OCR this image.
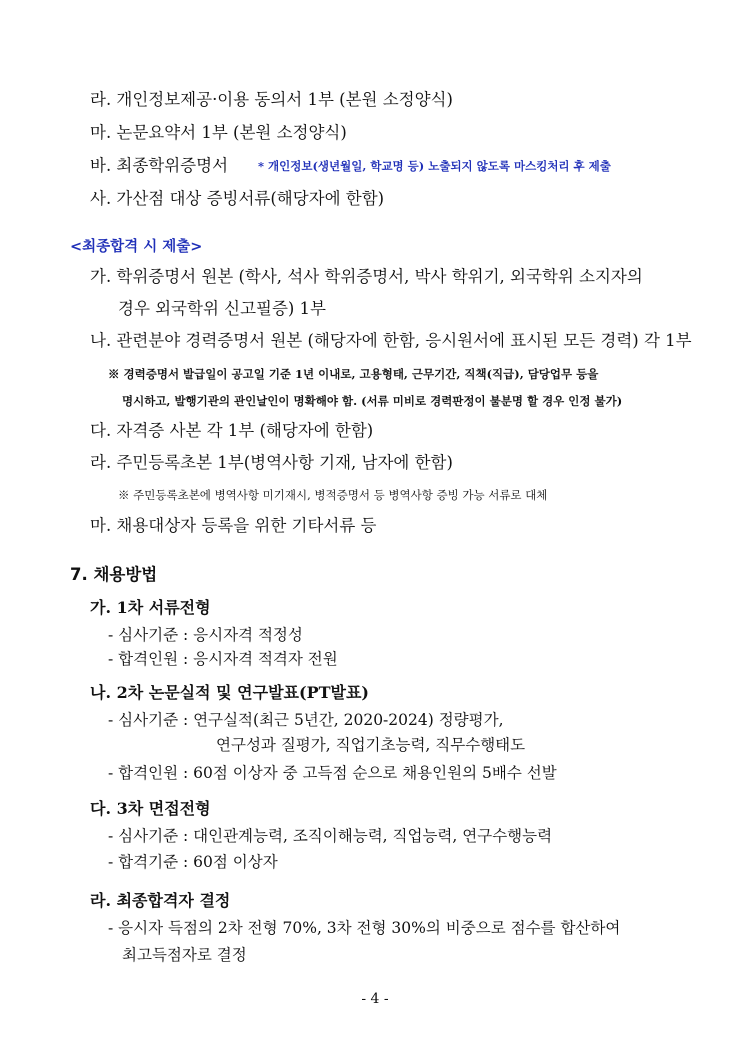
라. 개인정보제공·이용 동의서 1부 (본원 소정양식)
마. 논문요약서 1부 (본원 소정양식)
바. 최종학위증명서	* 개인정보(생년월일, 학교명 등) 노출되지 않도록 마스킹처리 후 제출
사. 가산점 대상 증빙서류(해당자에 한함)
<최종합격 시 제출>
가. 학위증명서 원본 (학사, 석사 학위증명서, 박사 학위기, 외국학위 소지자의
경우 외국학위 신고필증) 1부
나. 관련분야 경력증명서 원본 (해당자에 한함, 응시원서에 표시된 모든 경력) 각 1부
※ 경력증명서 발급일이 공고일 기준 1년 이내로, 고용형태, 근무기간, 직책(직급), 담당업무 등을
명시하고, 발행기관의 관인날인이 명확해야 함. (서류 미비로 경력판정이 불분명 할 경우 인정 불가)
다. 자격증 사본 각 1부 (해당자에 한함)
라. 주민등록초본 1부(병역사항 기재, 남자에 한함)
※ 주민등록초본에 병역사항 미기재시, 병적증명서 등 병역사항 증빙 가능 서류로 대체
마. 채용대상자 등록을 위한 기타서류 등
7. 채용방법
가. 1차 서류전형
- 심사기준 : 응시자격 적정성
- 합격인원 : 응시자격 적격자 전원
나. 2차 논문실적 및 연구발표(PT발표)
- 심사기준 : 연구실적(최근 5년간, 2020-2024) 정량평가,
연구성과 질평가, 직업기초능력, 직무수행태도
- 합격인원 : 60점 이상자 중 고득점 순으로 채용인원의 5배수 선발
다. 3차 면접전형
- 심사기준 : 대인관계능력, 조직이해능력, 직업능력, 연구수행능력
- 합격기준 : 60점 이상자
라. 최종합격자 결정
- 응시자 득점의 2차 전형 70%, 3차 전형 30%의 비중으로 점수를 합산하여
최고득점자로 결정
- 4 -
